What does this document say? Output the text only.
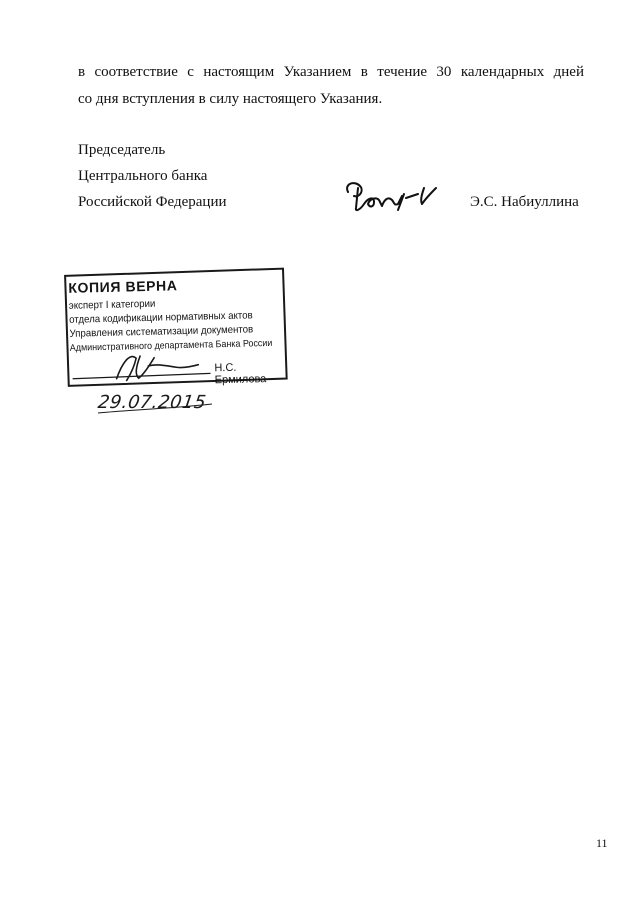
в соответствие с настоящим Указанием в течение 30 календарных дней
со дня вступления в силу настоящего Указания.
Председатель
Центрального банка
Российской Федерации	Э.С. Набиуллина
КОПИЯ ВЕРНА
эксперт I категории
отдела кодификации нормативных актов
Управления систематизации документов
Административного департамента Банка России
Н.С. Ермилова
29.07.2015
11
